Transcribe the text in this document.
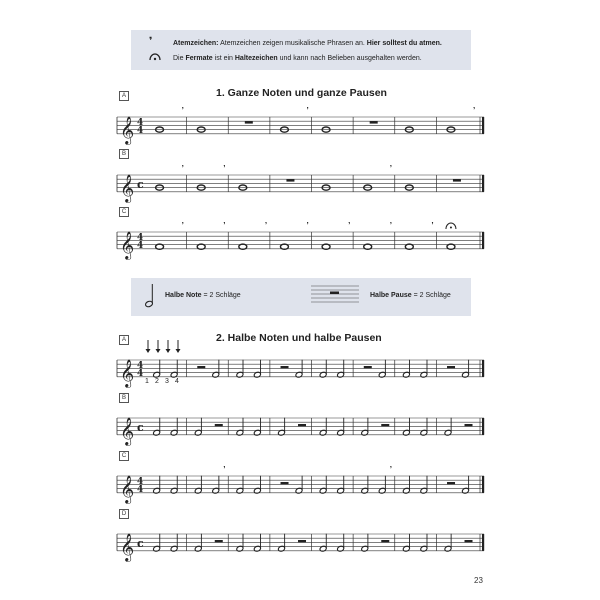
❜	Atemzeichen: Atemzeichen zeigen musikalische Phrasen an. Hier solltest du atmen.
Die Fermate ist ein Haltezeichen und kann nach Belieben ausgehalten werden.
1. Ganze Noten und ganze Pausen
A
B
C
Halbe Note = 2 Schläge	Halbe Pause = 2 Schläge
2. Halbe Noten und halbe Pausen
A
B
C
D
1 2 3 4
𝄞 4
4
’	’	’
𝄞 c
’	’	’
𝄞 4
4
’	’	’	’	’	’	’
𝄞 4
4
𝄞 c
𝄞 4
4
’	’
𝄞 c
23
